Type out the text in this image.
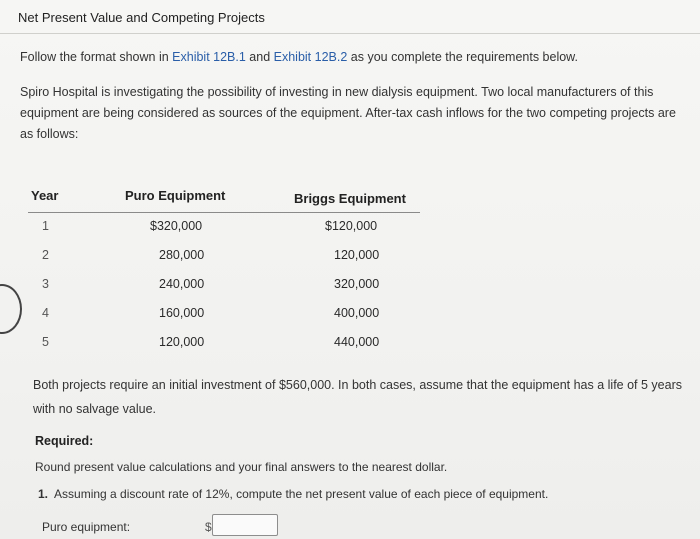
Net Present Value and Competing Projects
Follow the format shown in Exhibit 12B.1 and Exhibit 12B.2 as you complete the requirements below.
Spiro Hospital is investigating the possibility of investing in new dialysis equipment. Two local manufacturers of this equipment are being considered as sources of the equipment. After-tax cash inflows for the two competing projects are as follows:
Year	Puro Equipment	Briggs Equipment
1	$320,000	$120,000
2	280,000	120,000
3	240,000	320,000
4	160,000	400,000
5	120,000	440,000
Both projects require an initial investment of $560,000. In both cases, assume that the equipment has a life of 5 years with no salvage value.
Required:
Round present value calculations and your final answers to the nearest dollar.
1. Assuming a discount rate of 12%, compute the net present value of each piece of equipment.
Puro equipment:	$
